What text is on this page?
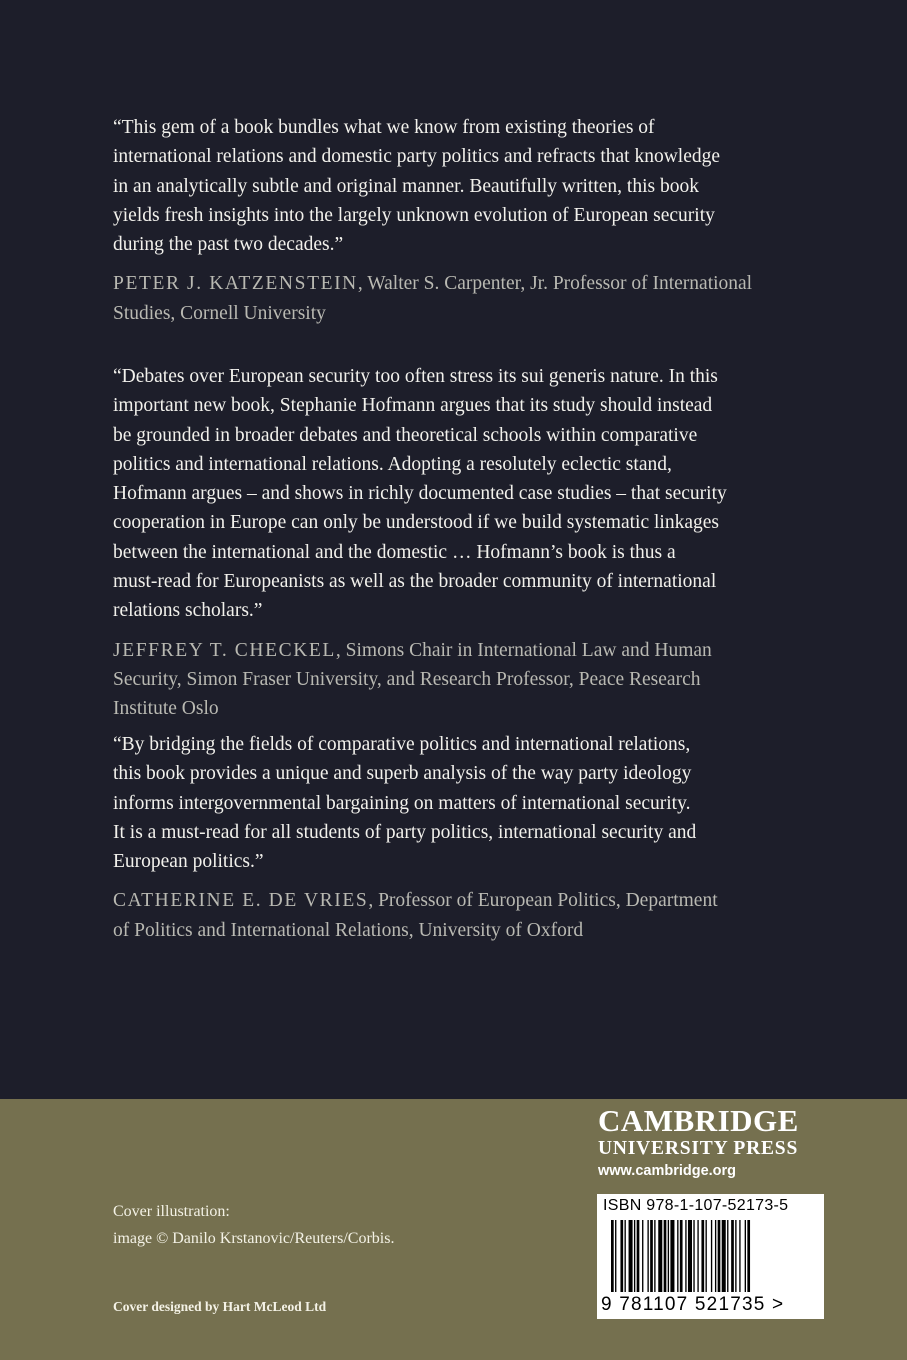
“This gem of a book bundles what we know from existing theories of
international relations and domestic party politics and refracts that knowledge
in an analytically subtle and original manner. Beautifully written, this book
yields fresh insights into the largely unknown evolution of European security
during the past two decades.”

PETER J. KATZENSTEIN, Walter S. Carpenter, Jr. Professor of International
Studies, Cornell University

“Debates over European security too often stress its sui generis nature. In this
important new book, Stephanie Hofmann argues that its study should instead
be grounded in broader debates and theoretical schools within comparative
politics and international relations. Adopting a resolutely eclectic stand,
Hofmann argues – and shows in richly documented case studies – that security
cooperation in Europe can only be understood if we build systematic linkages
between the international and the domestic … Hofmann’s book is thus a
must-read for Europeanists as well as the broader community of international
relations scholars.”

JEFFREY T. CHECKEL, Simons Chair in International Law and Human
Security, Simon Fraser University, and Research Professor, Peace Research
Institute Oslo

“By bridging the fields of comparative politics and international relations,
this book provides a unique and superb analysis of the way party ideology
informs intergovernmental bargaining on matters of international security.
It is a must-read for all students of party politics, international security and
European politics.”

CATHERINE E. DE VRIES, Professor of European Politics, Department
of Politics and International Relations, University of Oxford

Cover illustration:
image © Danilo Krstanovic/Reuters/Corbis.
Cover designed by Hart McLeod Ltd
CAMBRIDGE
UNIVERSITY PRESS
www.cambridge.org
ISBN 978-1-107-52173-5
9 781107 521735 >
